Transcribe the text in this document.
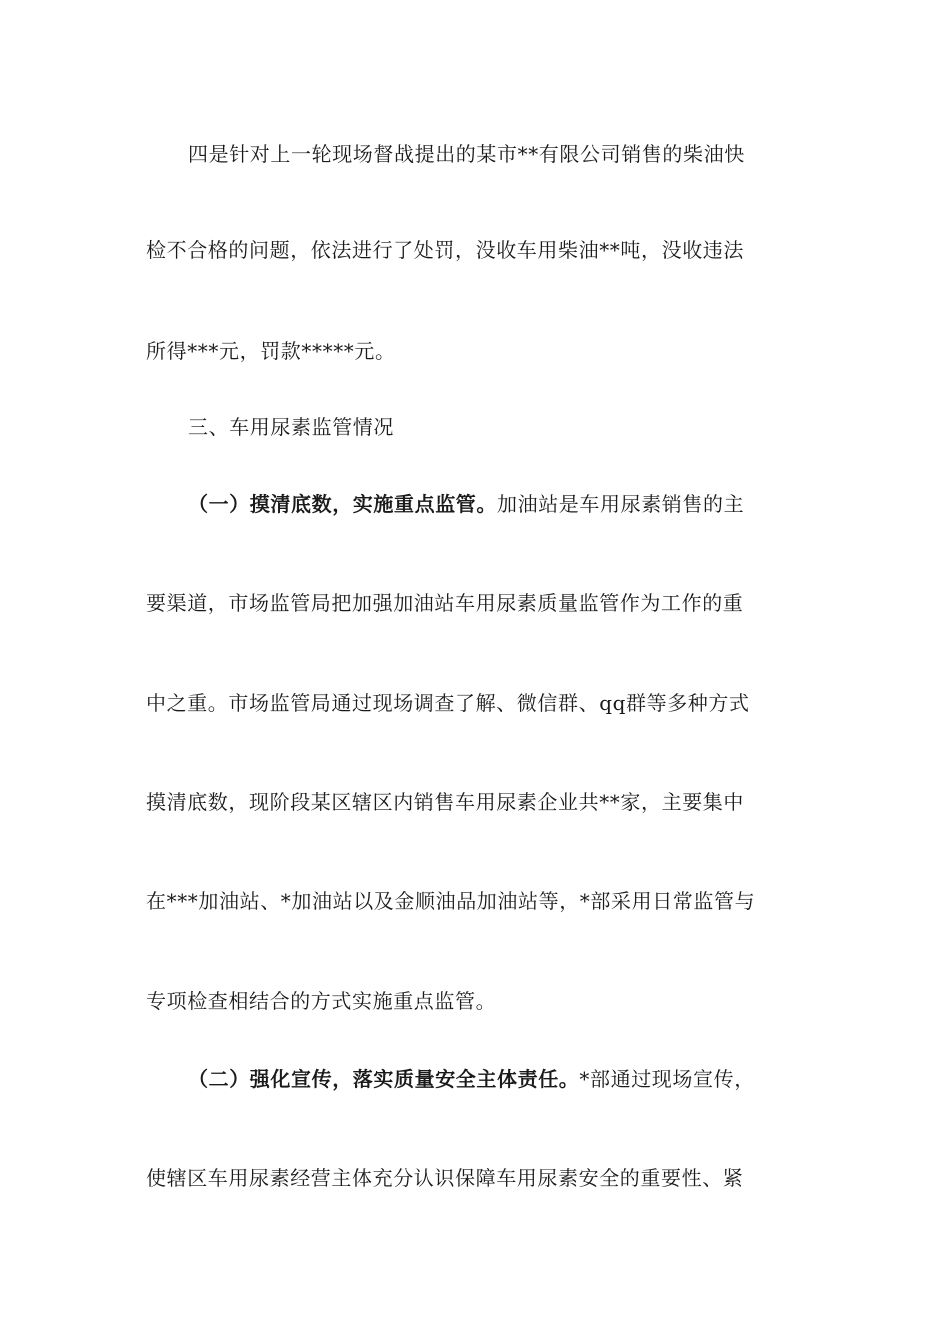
四是针对上一轮现场督战提出的某市**有限公司销售的柴油快
检不合格的问题，依法进行了处罚，没收车用柴油**吨，没收违法
所得***元，罚款*****元。
三、车用尿素监管情况
（一）摸清底数，实施重点监管。加油站是车用尿素销售的主
要渠道，市场监管局把加强加油站车用尿素质量监管作为工作的重
中之重。市场监管局通过现场调查了解、微信群、qq群等多种方式
摸清底数，现阶段某区辖区内销售车用尿素企业共**家，主要集中
在***加油站、*加油站以及金顺油品加油站等，*部采用日常监管与
专项检查相结合的方式实施重点监管。
（二）强化宣传，落实质量安全主体责任。*部通过现场宣传，
使辖区车用尿素经营主体充分认识保障车用尿素安全的重要性、紧
